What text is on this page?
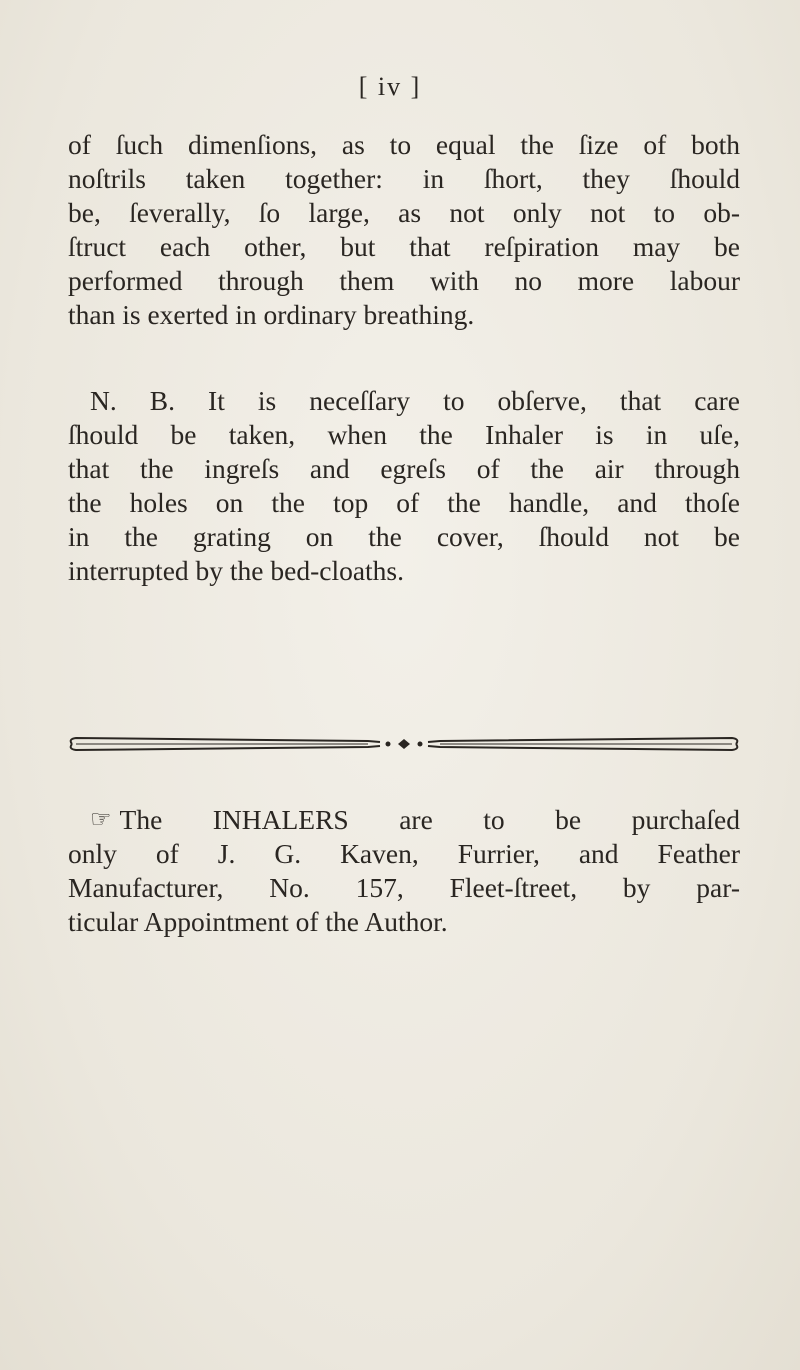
[ iv ]
of ſuch dimenſions, as to equal the ſize of both
noſtrils taken together: in ſhort, they ſhould
be, ſeverally, ſo large, as not only not to ob-
ſtruct each other, but that reſpiration may be
performed through them with no more labour
than is exerted in ordinary breathing.
N. B. It is neceſſary to obſerve, that care
ſhould be taken, when the Inhaler is in uſe,
that the ingreſs and egreſs of the air through
the holes on the top of the handle, and thoſe
in the grating on the cover, ſhould not be
interrupted by the bed-cloaths.
☞ The INHALERS are to be purchaſed
only of J. G. Kaven, Furrier, and Feather
Manufacturer, No. 157, Fleet-ſtreet, by par-
ticular Appointment of the Author.
